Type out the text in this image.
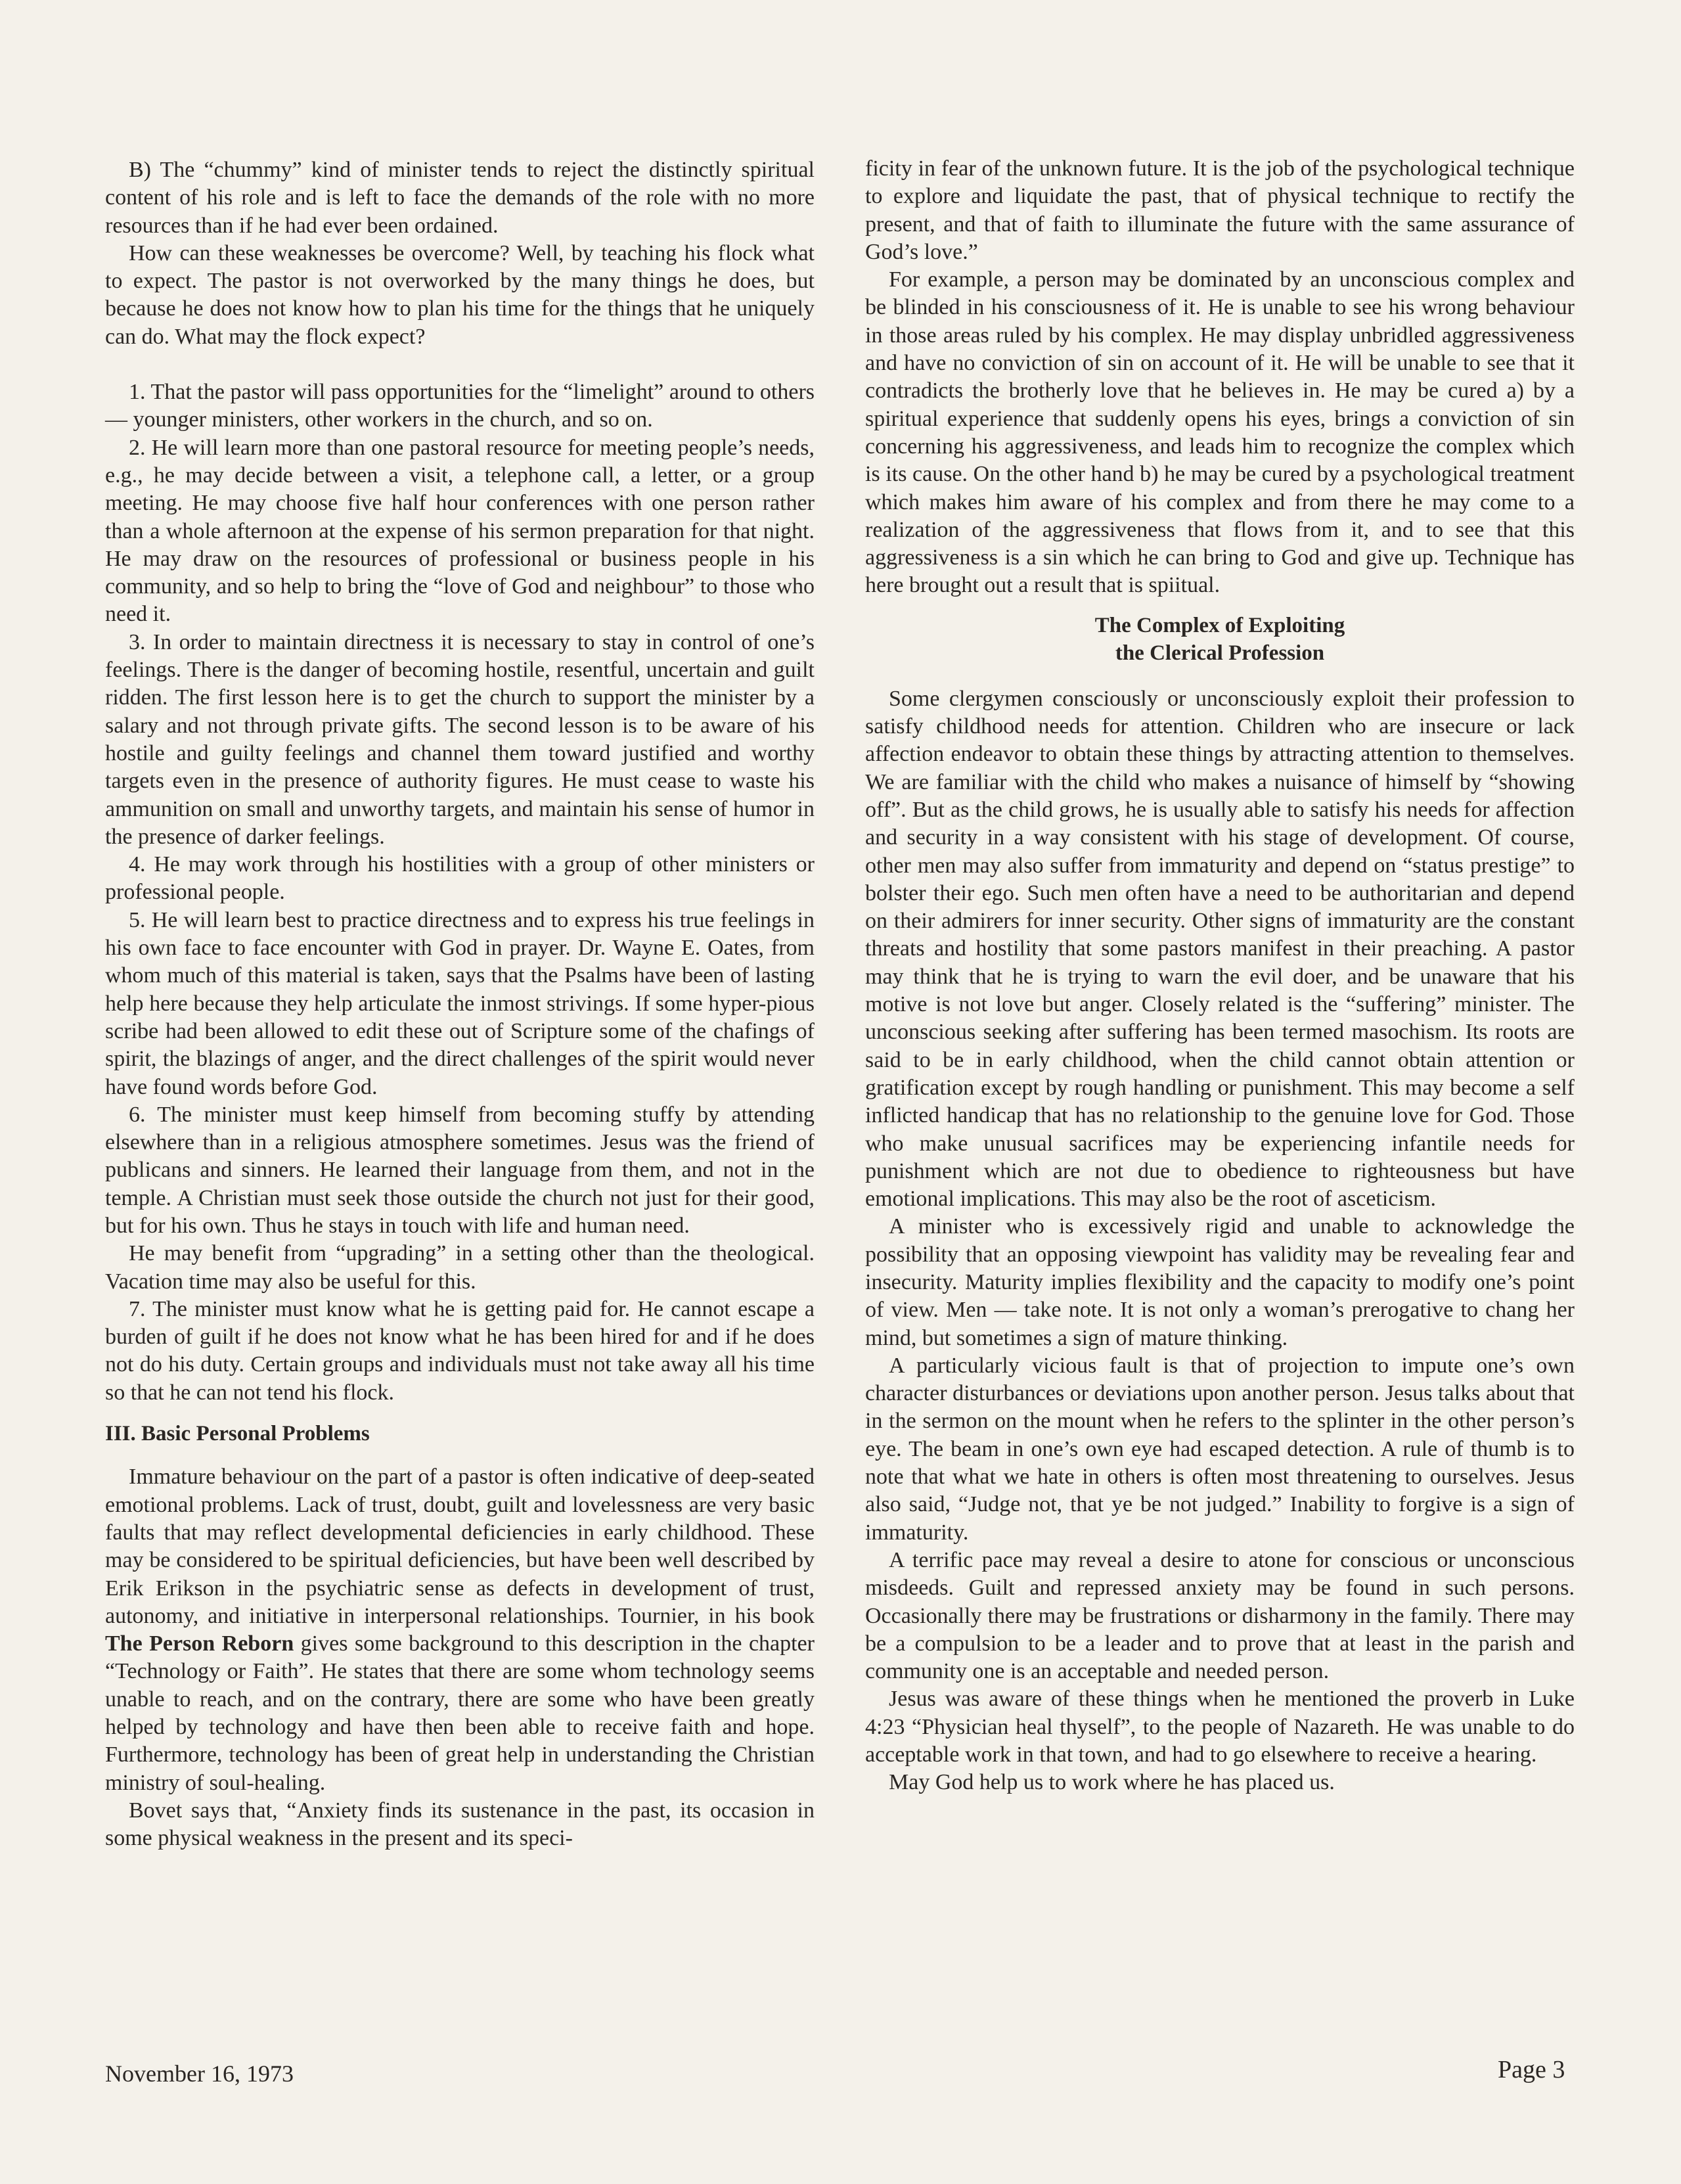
B) The “chummy” kind of minister tends to reject the distinctly spiritual content of his role and is left to face the demands of the role with no more resources than if he had ever been ordained.

How can these weaknesses be overcome? Well, by teaching his flock what to expect. The pastor is not overworked by the many things he does, but because he does not know how to plan his time for the things that he uniquely can do. What may the flock expect?

1. That the pastor will pass opportunities for the “limelight” around to others — younger ministers, other workers in the church, and so on.

2. He will learn more than one pastoral resource for meeting people’s needs, e.g., he may decide between a visit, a telephone call, a letter, or a group meeting. He may choose five half hour conferences with one person rather than a whole afternoon at the expense of his sermon preparation for that night. He may draw on the resources of professional or business people in his community, and so help to bring the “love of God and neighbour” to those who need it.

3. In order to maintain directness it is necessary to stay in control of one’s feelings. There is the danger of becoming hostile, resentful, uncertain and guilt ridden. The first lesson here is to get the church to support the minister by a salary and not through private gifts. The second lesson is to be aware of his hostile and guilty feelings and channel them toward justified and worthy targets even in the presence of authority figures. He must cease to waste his ammunition on small and unworthy targets, and maintain his sense of humor in the presence of darker feelings.

4. He may work through his hostilities with a group of other ministers or professional people.

5. He will learn best to practice directness and to express his true feelings in his own face to face encounter with God in prayer. Dr. Wayne E. Oates, from whom much of this material is taken, says that the Psalms have been of lasting help here because they help articulate the inmost strivings. If some hyper-pious scribe had been allowed to edit these out of Scripture some of the chafings of spirit, the blazings of anger, and the direct challenges of the spirit would never have found words before God.

6. The minister must keep himself from becoming stuffy by attending elsewhere than in a religious atmosphere sometimes. Jesus was the friend of publicans and sinners. He learned their language from them, and not in the temple. A Christian must seek those outside the church not just for their good, but for his own. Thus he stays in touch with life and human need.

He may benefit from “upgrading” in a setting other than the theological. Vacation time may also be useful for this.

7. The minister must know what he is getting paid for. He cannot escape a burden of guilt if he does not know what he has been hired for and if he does not do his duty. Certain groups and individuals must not take away all his time so that he can not tend his flock.

III. Basic Personal Problems

Immature behaviour on the part of a pastor is often indicative of deep-seated emotional problems. Lack of trust, doubt, guilt and lovelessness are very basic faults that may reflect developmental deficiencies in early childhood. These may be considered to be spiritual deficiencies, but have been well described by Erik Erikson in the psychiatric sense as defects in development of trust, autonomy, and initiative in interpersonal relationships. Tournier, in his book The Person Reborn gives some background to this description in the chapter “Technology or Faith”. He states that there are some whom technology seems unable to reach, and on the contrary, there are some who have been greatly helped by technology and have then been able to receive faith and hope. Furthermore, technology has been of great help in understanding the Christian ministry of soul-healing.

Bovet says that, “Anxiety finds its sustenance in the past, its occasion in some physical weakness in the present and its speci-

ficity in fear of the unknown future. It is the job of the psychological technique to explore and liquidate the past, that of physical technique to rectify the present, and that of faith to illuminate the future with the same assurance of God’s love.”

For example, a person may be dominated by an unconscious complex and be blinded in his consciousness of it. He is unable to see his wrong behaviour in those areas ruled by his complex. He may display unbridled aggressiveness and have no conviction of sin on account of it. He will be unable to see that it contradicts the brotherly love that he believes in. He may be cured a) by a spiritual experience that suddenly opens his eyes, brings a conviction of sin concerning his aggressiveness, and leads him to recognize the complex which is its cause. On the other hand b) he may be cured by a psychological treatment which makes him aware of his complex and from there he may come to a realization of the aggressiveness that flows from it, and to see that this aggressiveness is a sin which he can bring to God and give up. Technique has here brought out a result that is spiitual.

The Complex of Exploiting
the Clerical Profession

Some clergymen consciously or unconsciously exploit their profession to satisfy childhood needs for attention. Children who are insecure or lack affection endeavor to obtain these things by attracting attention to themselves. We are familiar with the child who makes a nuisance of himself by “showing off”. But as the child grows, he is usually able to satisfy his needs for affection and security in a way consistent with his stage of development. Of course, other men may also suffer from immaturity and depend on “status prestige” to bolster their ego. Such men often have a need to be authoritarian and depend on their admirers for inner security. Other signs of immaturity are the constant threats and hostility that some pastors manifest in their preaching. A pastor may think that he is trying to warn the evil doer, and be unaware that his motive is not love but anger. Closely related is the “suffering” minister. The unconscious seeking after suffering has been termed masochism. Its roots are said to be in early childhood, when the child cannot obtain attention or gratification except by rough handling or punishment. This may become a self inflicted handicap that has no relationship to the genuine love for God. Those who make unusual sacrifices may be experiencing infantile needs for punishment which are not due to obedience to righteousness but have emotional implications. This may also be the root of asceticism.

A minister who is excessively rigid and unable to acknowledge the possibility that an opposing viewpoint has validity may be revealing fear and insecurity. Maturity implies flexibility and the capacity to modify one’s point of view. Men — take note. It is not only a woman’s prerogative to chang her mind, but sometimes a sign of mature thinking.

A particularly vicious fault is that of projection to impute one’s own character disturbances or deviations upon another person. Jesus talks about that in the sermon on the mount when he refers to the splinter in the other person’s eye. The beam in one’s own eye had escaped detection. A rule of thumb is to note that what we hate in others is often most threatening to ourselves. Jesus also said, “Judge not, that ye be not judged.” Inability to forgive is a sign of immaturity.

A terrific pace may reveal a desire to atone for conscious or unconscious misdeeds. Guilt and repressed anxiety may be found in such persons. Occasionally there may be frustrations or disharmony in the family. There may be a compulsion to be a leader and to prove that at least in the parish and community one is an acceptable and needed person.

Jesus was aware of these things when he mentioned the proverb in Luke 4:23 “Physician heal thyself”, to the people of Nazareth. He was unable to do acceptable work in that town, and had to go elsewhere to receive a hearing.

May God help us to work where he has placed us.

November 16, 1973	Page 3
